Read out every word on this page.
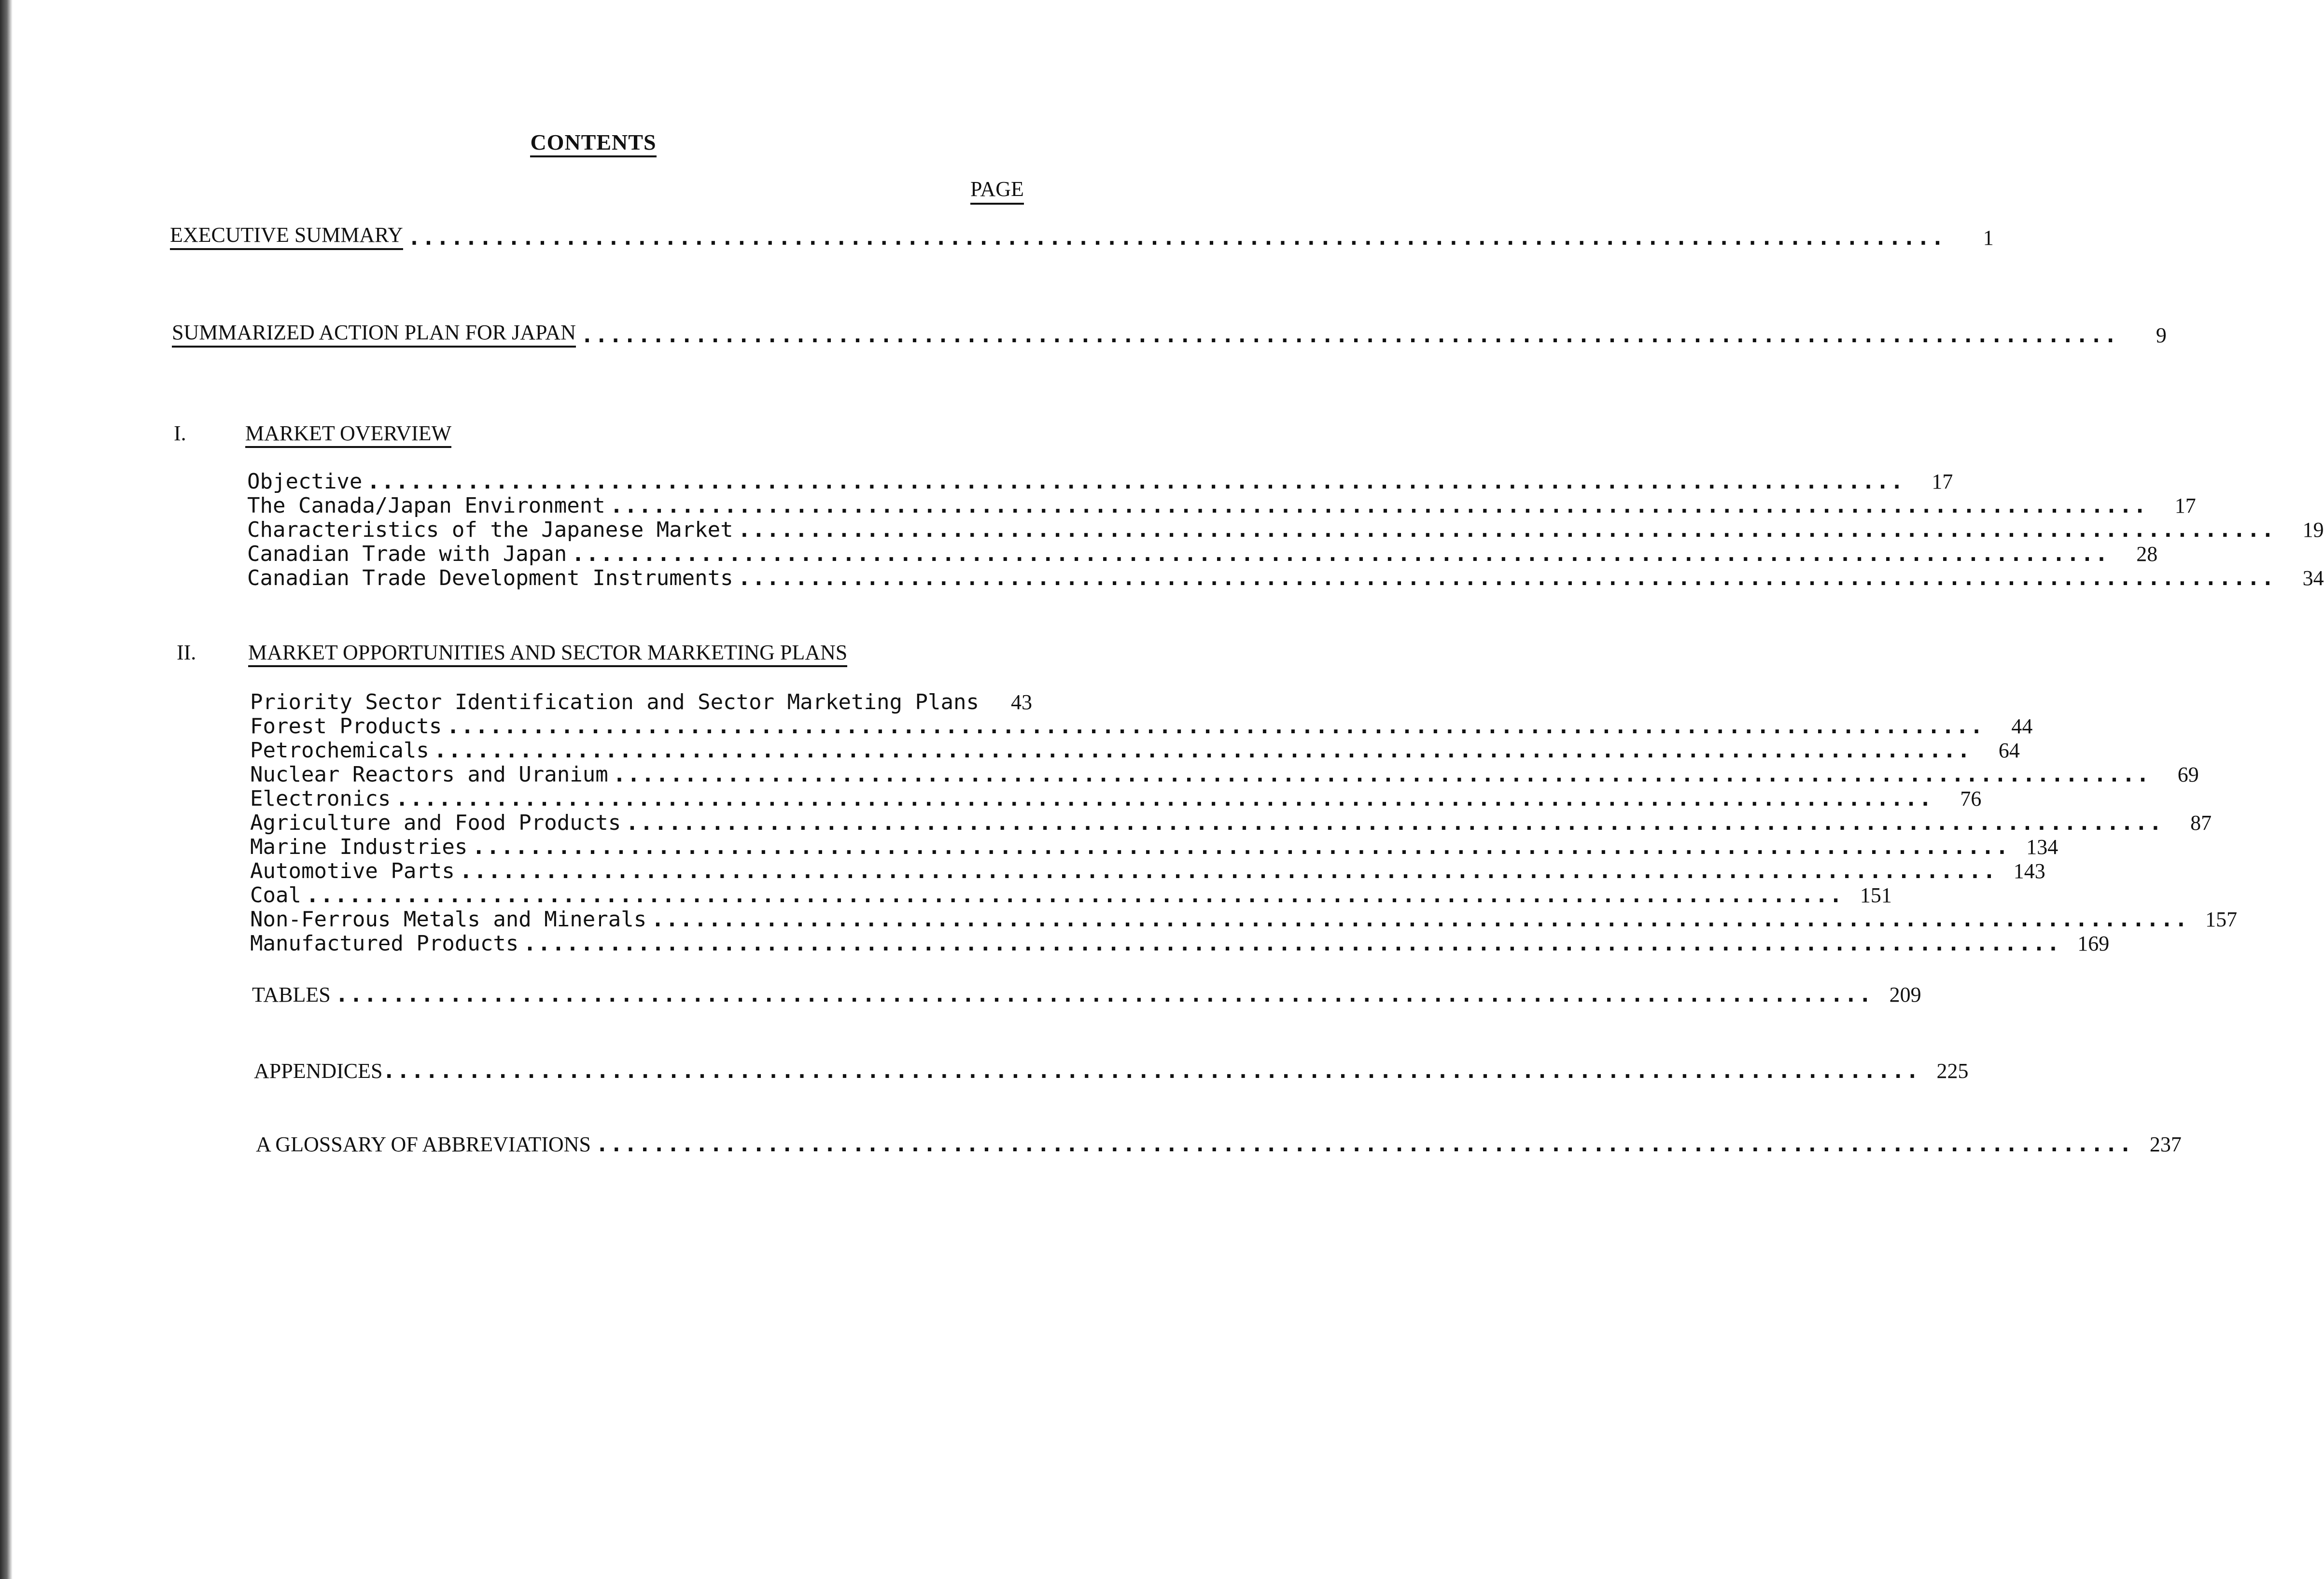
CONTENTS
PAGE
EXECUTIVE SUMMARY ............................................................................................................	1
SUMMARIZED ACTION PLAN FOR JAPAN ............................................................................................................	9
I.	MARKET OVERVIEW
Objective ............................................................................................................	17
The Canada/Japan Environment ............................................................................................................	17
Characteristics of the Japanese Market ............................................................................................................	19
Canadian Trade with Japan ............................................................................................................	28
Canadian Trade Development Instruments ............................................................................................................	34
II. MARKET OPPORTUNITIES AND SECTOR MARKETING PLANS
Priority Sector Identification and Sector Marketing Plans	43
Forest Products ............................................................................................................	44
Petrochemicals ............................................................................................................	64
Nuclear Reactors and Uranium ............................................................................................................	69
Electronics ............................................................................................................	76
Agriculture and Food Products ............................................................................................................	87
Marine Industries ............................................................................................................ 134
Automotive Parts ............................................................................................................ 143
Coal ............................................................................................................ 151
Non-Ferrous Metals and Minerals ............................................................................................................ 157
Manufactured Products ............................................................................................................ 169
TABLES ............................................................................................................ 209
APPENDICES ............................................................................................................ 225
A GLOSSARY OF ABBREVIATIONS ............................................................................................................ 237
